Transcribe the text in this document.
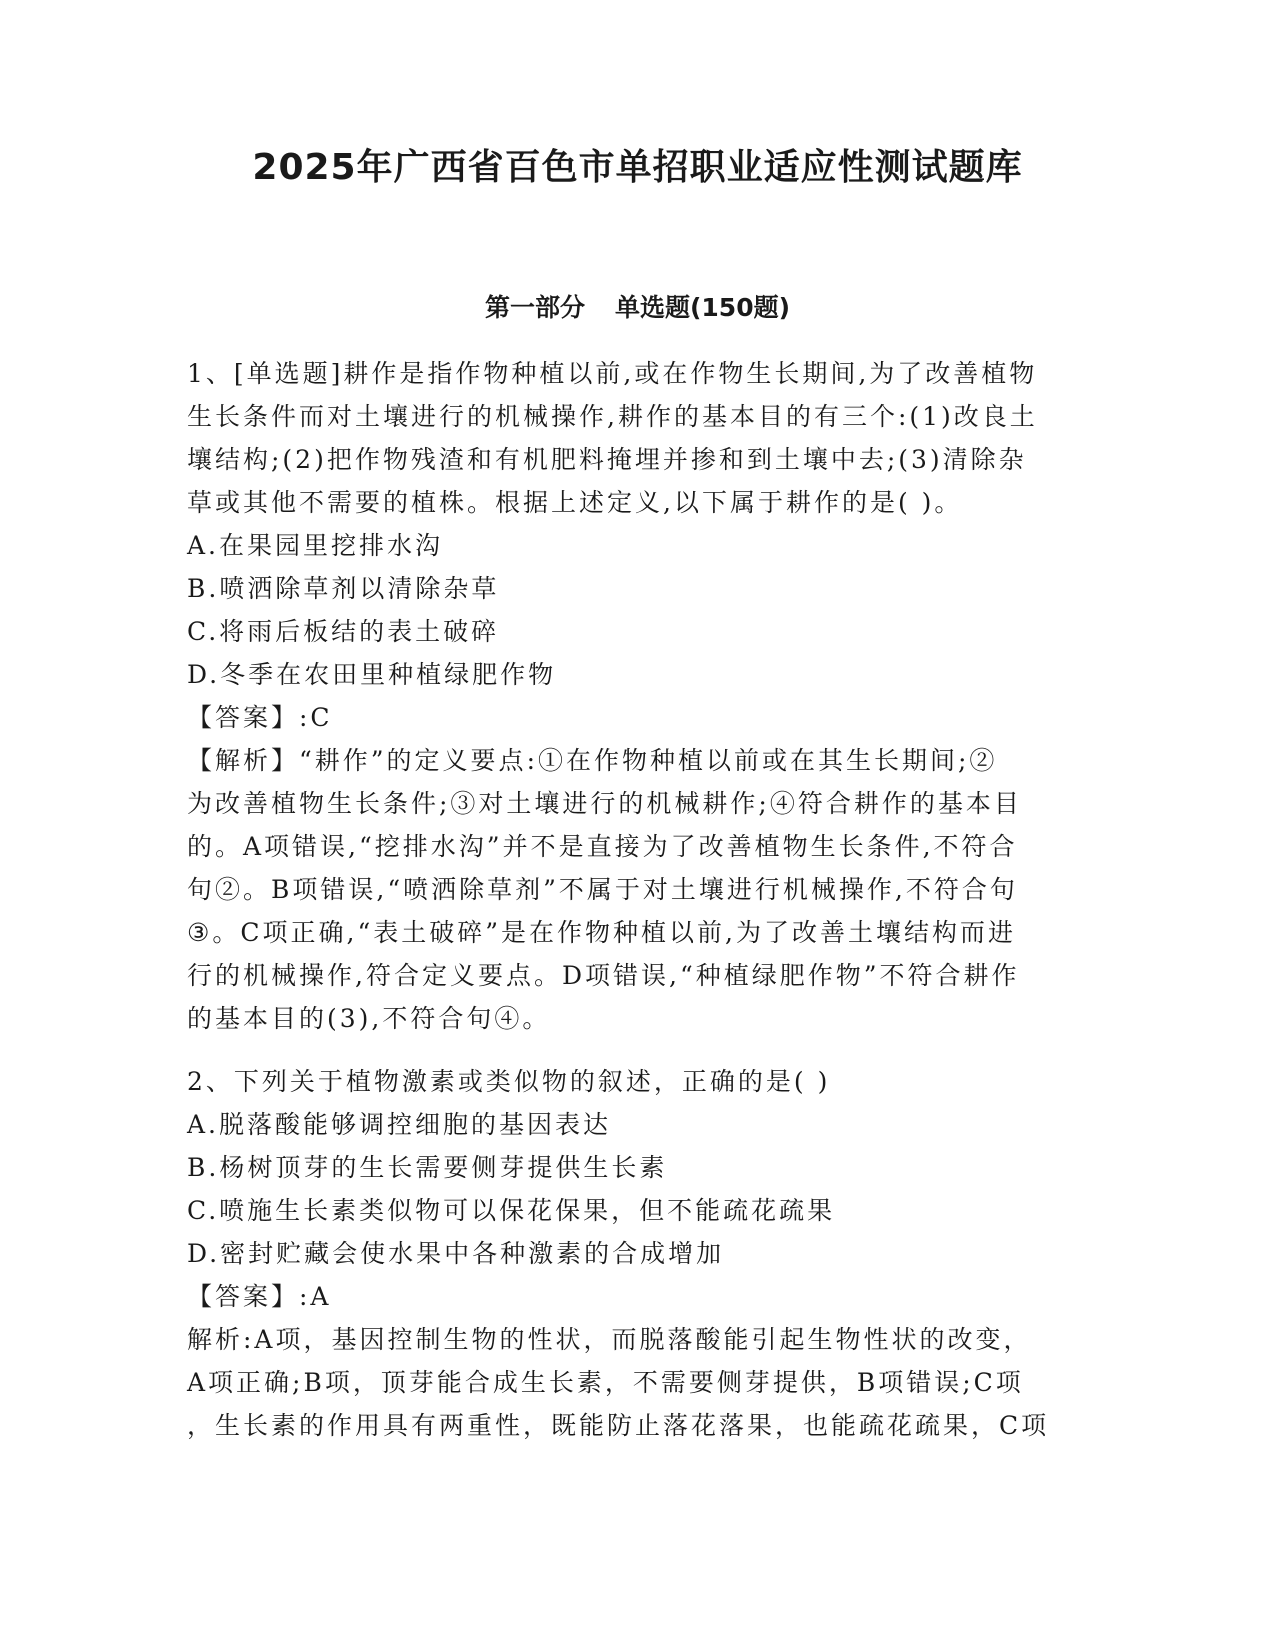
2025年广西省百色市单招职业适应性测试题库
第一部分 单选题(150题)

1、[单选题]耕作是指作物种植以前,或在作物生长期间,为了改善植物

生长条件而对土壤进行的机械操作,耕作的基本目的有三个:(1)改良土

壤结构;(2)把作物残渣和有机肥料掩埋并掺和到土壤中去;(3)清除杂

草或其他不需要的植株。根据上述定义,以下属于耕作的是( )。

A.在果园里挖排水沟

B.喷洒除草剂以清除杂草

C.将雨后板结的表土破碎

D.冬季在农田里种植绿肥作物

【答案】:C

【解析】“耕作”的定义要点:①在作物种植以前或在其生长期间;②

为改善植物生长条件;③对土壤进行的机械耕作;④符合耕作的基本目

的。A项错误,“挖排水沟”并不是直接为了改善植物生长条件,不符合

句②。B项错误,“喷洒除草剂”不属于对土壤进行机械操作,不符合句

③。C项正确,“表土破碎”是在作物种植以前,为了改善土壤结构而进

行的机械操作,符合定义要点。D项错误,“种植绿肥作物”不符合耕作

的基本目的(3),不符合句④。

2、下列关于植物激素或类似物的叙述，正确的是( )

A.脱落酸能够调控细胞的基因表达

B.杨树顶芽的生长需要侧芽提供生长素

C.喷施生长素类似物可以保花保果，但不能疏花疏果

D.密封贮藏会使水果中各种激素的合成增加

【答案】:A

解析:A项，基因控制生物的性状，而脱落酸能引起生物性状的改变，

A项正确;B项，顶芽能合成生长素，不需要侧芽提供，B项错误;C项

，生长素的作用具有两重性，既能防止落花落果，也能疏花疏果，C项
